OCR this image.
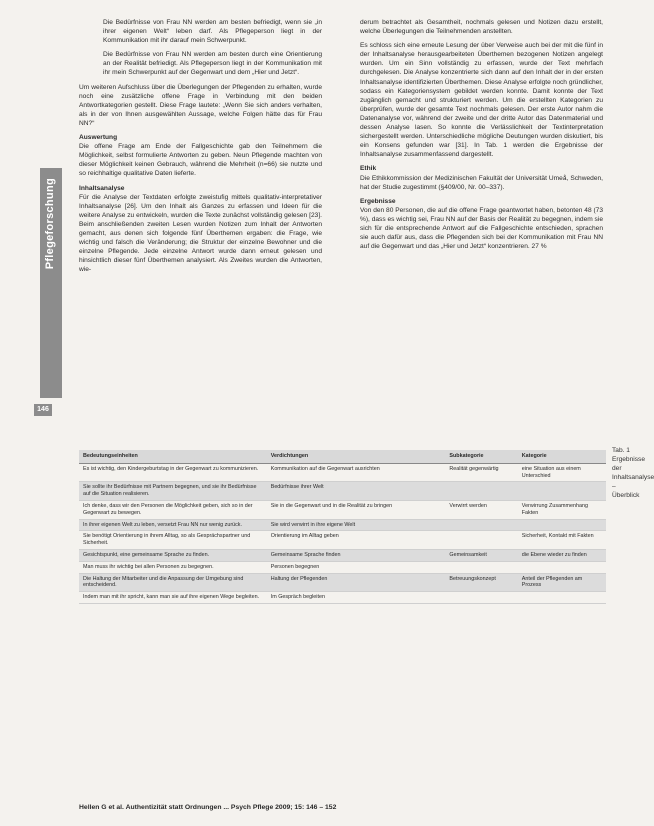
Pflegeforschung
146

Die Bedürfnisse von Frau NN werden am besten befriedigt, wenn sie „in ihrer eigenen Welt“ leben darf. Als Pflegeperson liegt in der Kommunikation mit ihr darauf mein Schwerpunkt.

Die Bedürfnisse von Frau NN werden am besten durch eine Orientierung an der Realität befriedigt. Als Pflegeperson liegt in der Kommunikation mit ihr mein Schwerpunkt auf der Gegenwart und dem „Hier und Jetzt“.

Um weiteren Aufschluss über die Überlegungen der Pflegenden zu erhalten, wurde noch eine zusätzliche offene Frage in Verbindung mit den beiden Antwortkategorien gestellt. Diese Frage lautete: „Wenn Sie sich anders verhalten, als in der von Ihnen ausgewählten Aussage, welche Folgen hätte das für Frau NN?“

Auswertung

Die offene Frage am Ende der Fallgeschichte gab den Teilnehmern die Möglichkeit, selbst formulierte Antworten zu geben. Neun Pflegende machten von dieser Möglichkeit keinen Gebrauch, während die Mehrheit (n=66) sie nutzte und so reichhaltige qualitative Daten lieferte.

Inhaltsanalyse

Für die Analyse der Textdaten erfolgte zweistufig mittels qualitativ-interpretativer Inhaltsanalyse [26]. Um den Inhalt als Ganzes zu erfassen und Ideen für die weitere Analyse zu entwickeln, wurden die Texte zunächst vollständig gelesen [23]. Beim anschließenden zweiten Lesen wurden Notizen zum Inhalt der Antworten gemacht, aus denen sich folgende fünf Überthemen ergaben: die Frage, wie wichtig und falsch die Veränderung; die Struktur der einzelne Bewohner und die einzelne Pflegende. Jede einzelne Antwort wurde dann erneut gelesen und hinsichtlich dieser fünf Überthemen analysiert. Als Zweites wurden die Antworten, wie-

derum betrachtet als Gesamtheit, nochmals gelesen und Notizen dazu erstellt, welche Überlegungen die Teilnehmenden anstellten.

Es schloss sich eine erneute Lesung der über Verweise auch bei der mit die fünf in der Inhaltsanalyse herausgearbeiteten Überthemen bezogenen Notizen angelegt wurden. Um ein Sinn vollständig zu erfassen, wurde der Text mehrfach durchgelesen. Die Analyse konzentrierte sich dann auf den Inhalt der in der ersten Inhaltsanalyse identifizierten Überthemen. Diese Analyse erfolgte noch gründlicher, sodass ein Kategoriensystem gebildet werden konnte. Damit konnte der Text zugänglich gemacht und strukturiert werden. Um die erstellten Kategorien zu überprüfen, wurde der gesamte Text nochmals gelesen. Der erste Autor nahm die Datenanalyse vor, während der zweite und der dritte Autor das Datenmaterial und dessen Analyse lasen. So konnte die Verlässlichkeit der Textinterpretation sichergestellt werden. Unterschiedliche mögliche Deutungen wurden diskutiert, bis ein Konsens gefunden war [31]. In Tab. 1 werden die Ergebnisse der Inhaltsanalyse zusammenfassend dargestellt.

Ethik

Die Ethikkommission der Medizinischen Fakultät der Universität Umeå, Schweden, hat der Studie zugestimmt (§409/00, Nr. 00–337).

Ergebnisse

Von den 80 Personen, die auf die offene Frage geantwortet haben, betonten 48 (73 %), dass es wichtig sei, Frau NN auf der Basis der Realität zu begegnen, indem sie sich für die entsprechende Antwort auf die Fallgeschichte entschieden, sprachen sie auch dafür aus, dass die Pflegenden sich bei der Kommunikation mit Frau NN auf die Gegenwart und das „Hier und Jetzt“ konzentrieren. 27 %

Tab. 1 Ergebnisse der Inhaltsanalyse – Überblick
Bedeutungseinheiten	Verdichtungen	Subkategorie	Kategorie
Es ist wichtig, den Kindergeburtstag in der Gegenwart zu kommunizieren.	Kommunikation auf die Gegenwart ausrichten	Realität gegenwärtig	eine Situation aus einem Unterschied
Sie sollte ihr Bedürfnisse mit Partnern begegnen, und sie ihr Bedürfnisse auf die Situation realisieren.	Bedürfnisse ihrer Welt		
Ich denke, dass wir den Personen die Möglichkeit geben, sich so in der Gegenwart zu bewegen.	Sie in die Gegenwart und in die Realität zu bringen	Verwirrt werden	Verwirrung Zusammenhang Fakten
In ihrer eigenen Welt zu leben, versetzt Frau NN nur wenig zurück.	Sie wird verwirrt in ihre eigene Welt		
Sie benötigt Orientierung in ihrem Alltag, so als Gesprächspartner und Sicherheit.	Orientierung im Alltag geben		Sicherheit, Kontakt mit Fakten
Gesichtspunkt, eine gemeinsame Sprache zu finden.	Gemeinsame Sprache finden	Gemeinsamkeit	die Ebene wieder zu finden
Man muss ihr wichtig bei allen Personen zu begegnen.	Personen begegnen		
Die Haltung der Mitarbeiter und die Anpassung der Umgebung sind entscheidend.	Haltung der Pflegenden	Betreuungskonzept	Anteil der Pflegenden am Prozess
Indem man mit ihr spricht, kann man sie auf ihre eigenen Wege begleiten.	Im Gespräch begleiten		
Hellen G et al. Authentizität statt Ordnungen ... Psych Pflege 2009; 15: 146 – 152
